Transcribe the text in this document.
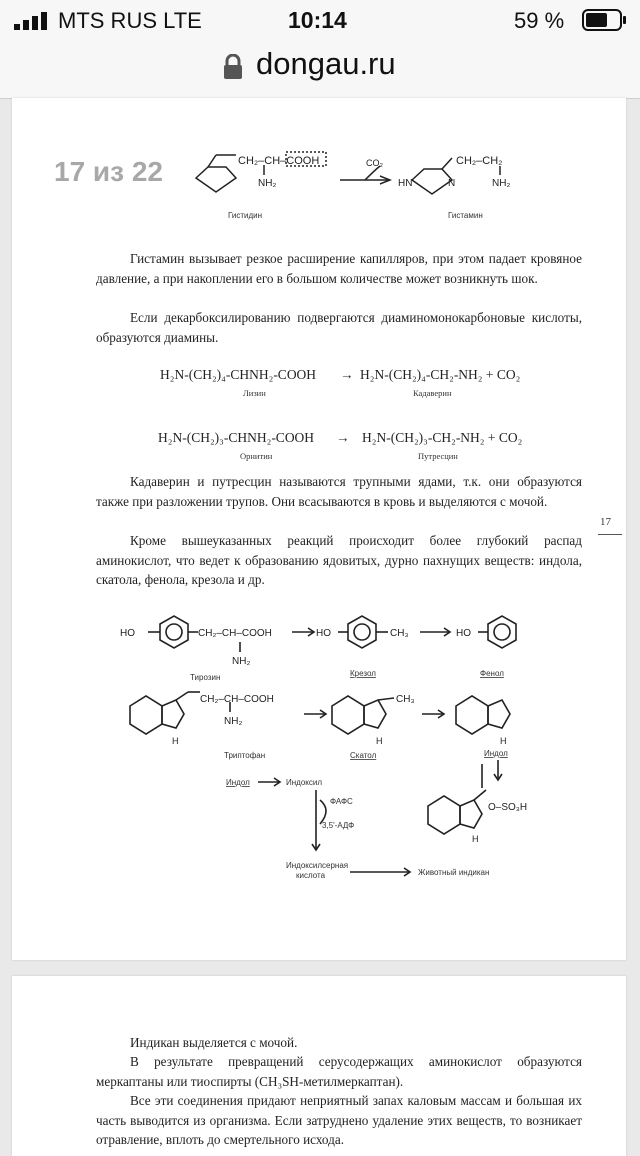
MTS RUS LTE	10:14	59 %
dongau.ru
17 из 22	CH₂–CH–COOH
NH₂
CO₂	CH₂–CH₂
NH₂
HN	N
Гистидин	Гистамин
Гистамин вызывает резкое расширение капилляров, при этом падает кровяное давление, а при накоплении его в большом количестве может возникнуть шок.
Если декарбоксилированию подвергаются диаминомонокарбоновые кислоты, образуются диамины.
H₂N-(CH₂)₄-CHNH₂-COOH → H₂N-(CH₂)₄-CH₂-NH₂ + CO₂
Лизин	Кадаверин
H₂N-(CH₂)₃-CHNH₂-COOH → H₂N-(CH₂)₃-CH₂-NH₂ + CO₂
Орнитин	Путресцин
Кадаверин и путресцин называются трупными ядами, т.к. они образуются также при разложении трупов. Они всасываются в кровь и выделяются с мочой.
Кроме вышеуказанных реакций происходит более глубокий распад аминокислот, что ведет к образованию ядовитых, дурно пахнущих веществ: индола, скатола, фенола, крезола и др.
17
HO	CH₂–CH–COOH
NH₂
HO	CH₃	HO
Тирозин	Крезол	Фенол
CH₂–CH–COOH
NH₂
H
Триптофан
CH₃
H
Скатол
H
Индол
Индол	Индоксил
ФАФС
3,5'-АДФ
Индоксилсерная
кислота	Животный индикан
O–SO₃H
H
Индикан выделяется с мочой.
В результате превращений серусодержащих аминокислот образуются меркаптаны или тиоспирты (CH₃SH-метилмеркаптан).
Все эти соединения придают неприятный запах каловым массам и большая их часть выводится из организма. Если затруднено удаление этих веществ, то возникает отравление, вплоть до смертельного исхода.
